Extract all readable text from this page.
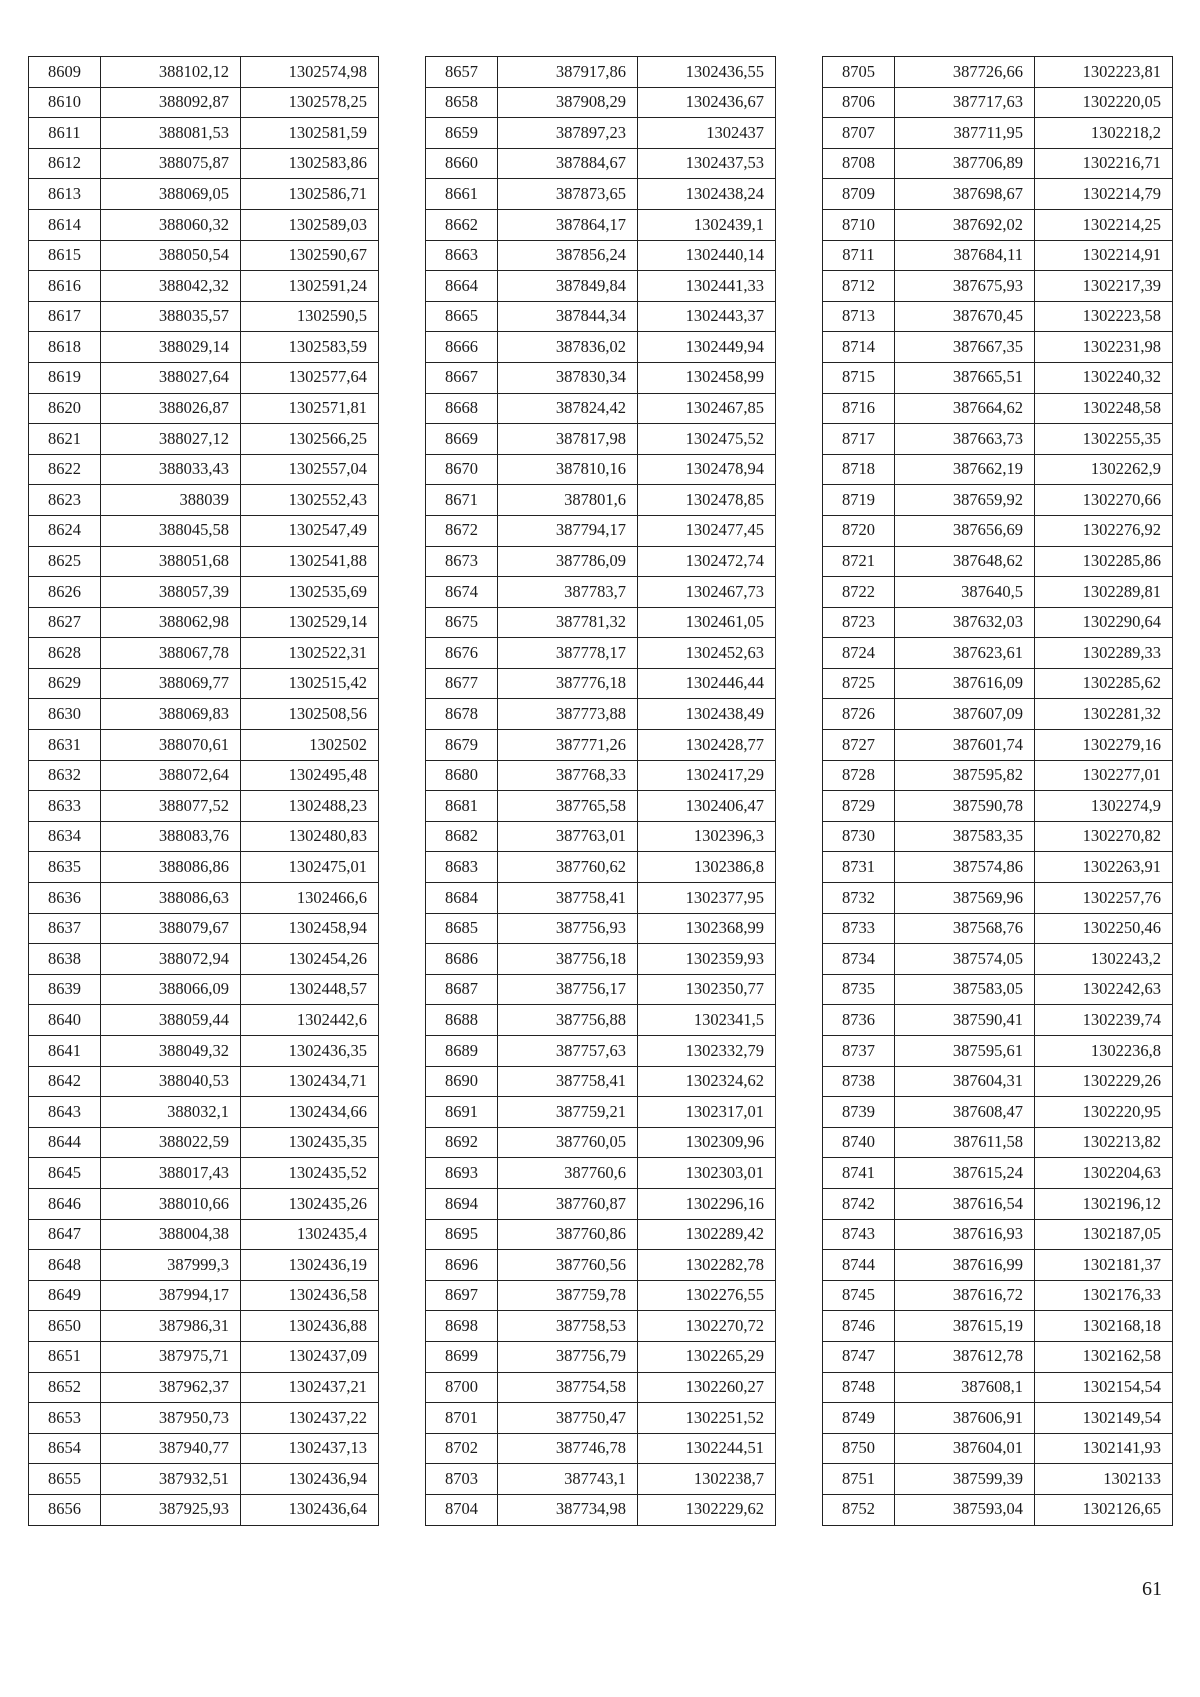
8609	388102,12	1302574,98
8610	388092,87	1302578,25
8611	388081,53	1302581,59
8612	388075,87	1302583,86
8613	388069,05	1302586,71
8614	388060,32	1302589,03
8615	388050,54	1302590,67
8616	388042,32	1302591,24
8617	388035,57	1302590,5
8618	388029,14	1302583,59
8619	388027,64	1302577,64
8620	388026,87	1302571,81
8621	388027,12	1302566,25
8622	388033,43	1302557,04
8623	388039	1302552,43
8624	388045,58	1302547,49
8625	388051,68	1302541,88
8626	388057,39	1302535,69
8627	388062,98	1302529,14
8628	388067,78	1302522,31
8629	388069,77	1302515,42
8630	388069,83	1302508,56
8631	388070,61	1302502
8632	388072,64	1302495,48
8633	388077,52	1302488,23
8634	388083,76	1302480,83
8635	388086,86	1302475,01
8636	388086,63	1302466,6
8637	388079,67	1302458,94
8638	388072,94	1302454,26
8639	388066,09	1302448,57
8640	388059,44	1302442,6
8641	388049,32	1302436,35
8642	388040,53	1302434,71
8643	388032,1	1302434,66
8644	388022,59	1302435,35
8645	388017,43	1302435,52
8646	388010,66	1302435,26
8647	388004,38	1302435,4
8648	387999,3	1302436,19
8649	387994,17	1302436,58
8650	387986,31	1302436,88
8651	387975,71	1302437,09
8652	387962,37	1302437,21
8653	387950,73	1302437,22
8654	387940,77	1302437,13
8655	387932,51	1302436,94
8656	387925,93	1302436,64
8657	387917,86	1302436,55
8658	387908,29	1302436,67
8659	387897,23	1302437
8660	387884,67	1302437,53
8661	387873,65	1302438,24
8662	387864,17	1302439,1
8663	387856,24	1302440,14
8664	387849,84	1302441,33
8665	387844,34	1302443,37
8666	387836,02	1302449,94
8667	387830,34	1302458,99
8668	387824,42	1302467,85
8669	387817,98	1302475,52
8670	387810,16	1302478,94
8671	387801,6	1302478,85
8672	387794,17	1302477,45
8673	387786,09	1302472,74
8674	387783,7	1302467,73
8675	387781,32	1302461,05
8676	387778,17	1302452,63
8677	387776,18	1302446,44
8678	387773,88	1302438,49
8679	387771,26	1302428,77
8680	387768,33	1302417,29
8681	387765,58	1302406,47
8682	387763,01	1302396,3
8683	387760,62	1302386,8
8684	387758,41	1302377,95
8685	387756,93	1302368,99
8686	387756,18	1302359,93
8687	387756,17	1302350,77
8688	387756,88	1302341,5
8689	387757,63	1302332,79
8690	387758,41	1302324,62
8691	387759,21	1302317,01
8692	387760,05	1302309,96
8693	387760,6	1302303,01
8694	387760,87	1302296,16
8695	387760,86	1302289,42
8696	387760,56	1302282,78
8697	387759,78	1302276,55
8698	387758,53	1302270,72
8699	387756,79	1302265,29
8700	387754,58	1302260,27
8701	387750,47	1302251,52
8702	387746,78	1302244,51
8703	387743,1	1302238,7
8704	387734,98	1302229,62
8705	387726,66	1302223,81
8706	387717,63	1302220,05
8707	387711,95	1302218,2
8708	387706,89	1302216,71
8709	387698,67	1302214,79
8710	387692,02	1302214,25
8711	387684,11	1302214,91
8712	387675,93	1302217,39
8713	387670,45	1302223,58
8714	387667,35	1302231,98
8715	387665,51	1302240,32
8716	387664,62	1302248,58
8717	387663,73	1302255,35
8718	387662,19	1302262,9
8719	387659,92	1302270,66
8720	387656,69	1302276,92
8721	387648,62	1302285,86
8722	387640,5	1302289,81
8723	387632,03	1302290,64
8724	387623,61	1302289,33
8725	387616,09	1302285,62
8726	387607,09	1302281,32
8727	387601,74	1302279,16
8728	387595,82	1302277,01
8729	387590,78	1302274,9
8730	387583,35	1302270,82
8731	387574,86	1302263,91
8732	387569,96	1302257,76
8733	387568,76	1302250,46
8734	387574,05	1302243,2
8735	387583,05	1302242,63
8736	387590,41	1302239,74
8737	387595,61	1302236,8
8738	387604,31	1302229,26
8739	387608,47	1302220,95
8740	387611,58	1302213,82
8741	387615,24	1302204,63
8742	387616,54	1302196,12
8743	387616,93	1302187,05
8744	387616,99	1302181,37
8745	387616,72	1302176,33
8746	387615,19	1302168,18
8747	387612,78	1302162,58
8748	387608,1	1302154,54
8749	387606,91	1302149,54
8750	387604,01	1302141,93
8751	387599,39	1302133
8752	387593,04	1302126,65
61
